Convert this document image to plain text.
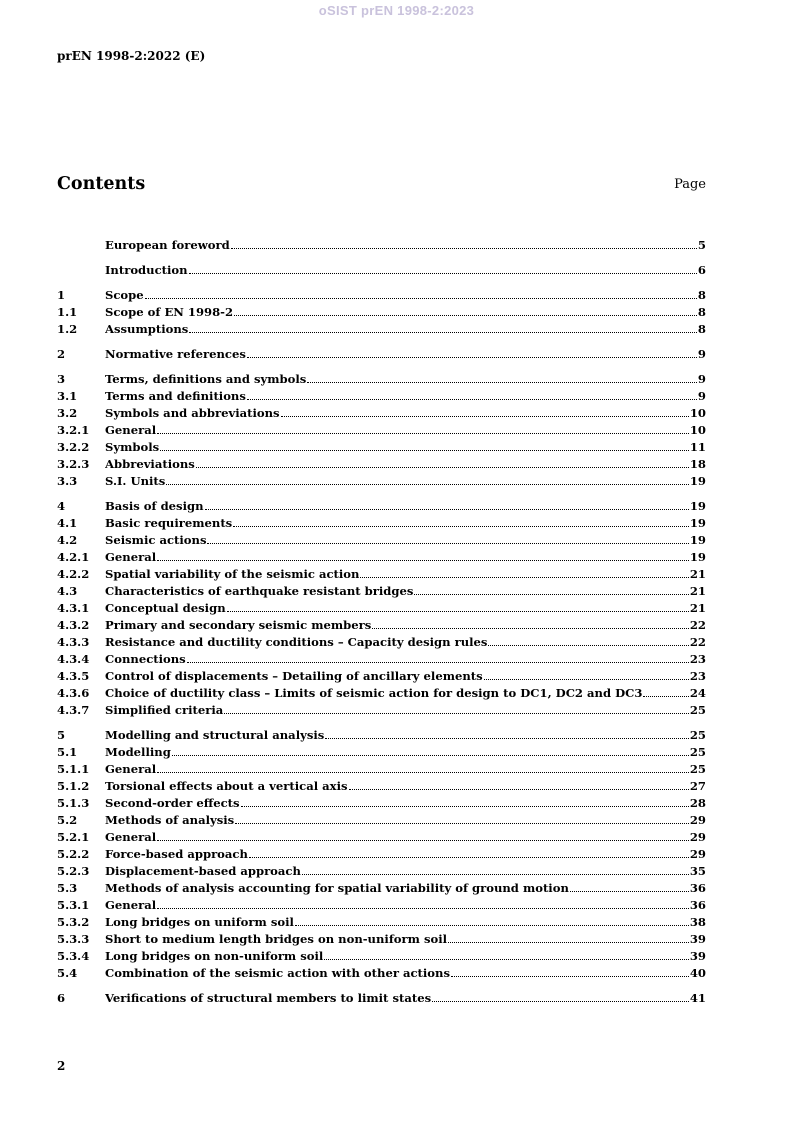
oSIST prEN 1998-2:2023
prEN 1998-2:2022 (E)
Contents	Page
European foreword	5
Introduction	6
1	Scope	8
1.1	Scope of EN 1998-2	8
1.2	Assumptions	8
2	Normative references	9
3	Terms, definitions and symbols	9
3.1	Terms and definitions	9
3.2	Symbols and abbreviations	10
3.2.1	General	10
3.2.2	Symbols	11
3.2.3	Abbreviations	18
3.3	S.I. Units	19
4	Basis of design	19
4.1	Basic requirements	19
4.2	Seismic actions	19
4.2.1	General	19
4.2.2	Spatial variability of the seismic action	21
4.3	Characteristics of earthquake resistant bridges	21
4.3.1	Conceptual design	21
4.3.2	Primary and secondary seismic members	22
4.3.3	Resistance and ductility conditions – Capacity design rules	22
4.3.4	Connections	23
4.3.5	Control of displacements – Detailing of ancillary elements	23
4.3.6	Choice of ductility class – Limits of seismic action for design to DC1, DC2 and DC3	24
4.3.7	Simplified criteria	25
5	Modelling and structural analysis	25
5.1	Modelling	25
5.1.1	General	25
5.1.2	Torsional effects about a vertical axis	27
5.1.3	Second-order effects	28
5.2	Methods of analysis	29
5.2.1	General	29
5.2.2	Force-based approach	29
5.2.3	Displacement-based approach	35
5.3	Methods of analysis accounting for spatial variability of ground motion	36
5.3.1	General	36
5.3.2	Long bridges on uniform soil	38
5.3.3	Short to medium length bridges on non-uniform soil	39
5.3.4	Long bridges on non-uniform soil	39
5.4	Combination of the seismic action with other actions	40
6	Verifications of structural members to limit states	41
2
